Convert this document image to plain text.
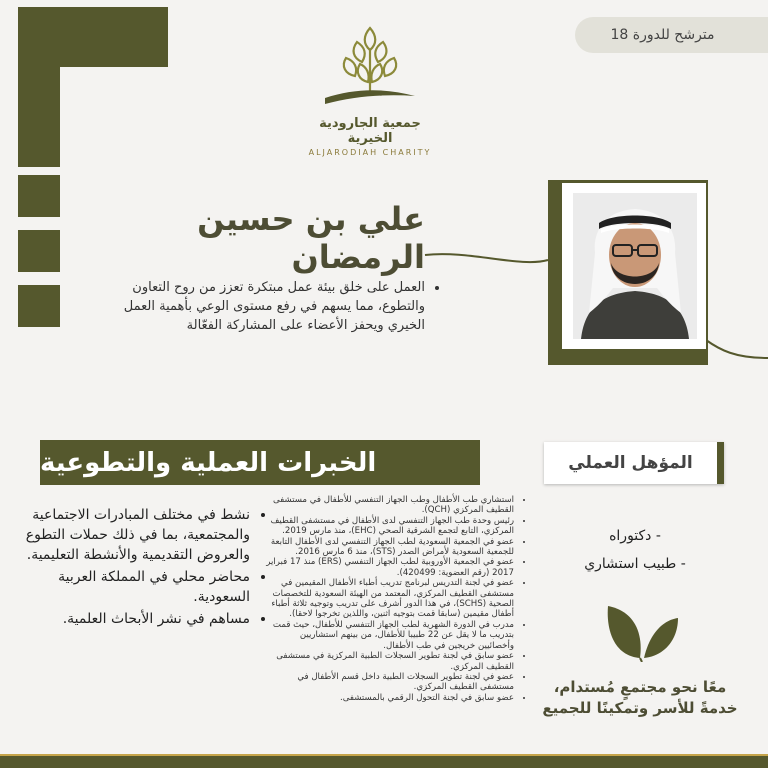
مترشح للدورة 18
جمعية الجارودية الخيرية
ALJARODIAH CHARITY
علي بن حسين الرمضان
• العمل على خلق بيئة عمل مبتكرة تعزز من روح التعاون والتطوع، مما يسهم في رفع مستوى الوعي بأهمية العمل الخيري ويحفز الأعضاء على المشاركة الفعّالة
الخبرات العملية والتطوعية
• نشط في مختلف المبادرات الاجتماعية والمجتمعية، بما في ذلك حملات التطوع والعروض التقديمية والأنشطة التعليمية.
• محاضر محلي في المملكة العربية السعودية.
• مساهم في نشر الأبحاث العلمية.
• استشاري طب الأطفال وطب الجهاز التنفسي للأطفال في مستشفى القطيف المركزي (QCH).
• رئيس وحدة طب الجهاز التنفسي لدى الأطفال في مستشفى القطيف المركزي، التابع لتجمع الشرقية الصحي (EHC)، منذ مارس 2019.
• عضو في الجمعية السعودية لطب الجهاز التنفسي لدى الأطفال التابعة للجمعية السعودية لأمراض الصدر (STS)، منذ 6 مارس 2016.
• عضو في الجمعية الأوروبية لطب الجهاز التنفسي (ERS) منذ 17 فبراير 2017 (رقم العضوية: 420499).
• عضو في لجنة التدريس لبرنامج تدريب أطباء الأطفال المقيمين في مستشفى القطيف المركزي، المعتمد من الهيئة السعودية للتخصصات الصحية (SCHS)، في هذا الدور أشرف على تدريب وتوجيه ثلاثة أطباء أطفال مقيمين (سابقا قمت بتوجيه اثنين، واللذين تخرجوا لاحقا).
• مدرب في الدورة الشهرية لطب الجهاز التنفسي للأطفال، حيث قمت بتدريب ما لا يقل عن 22 طبيبا للأطفال، من بينهم استشاريين وأخصائيين خريجين في طب الأطفال.
• عضو سابق في لجنة تطوير السجلات الطبية المركزية في مستشفى القطيف المركزي.
• عضو في لجنة تطوير السجلات الطبية داخل قسم الأطفال في مستشفى القطيف المركزي.
• عضو سابق في لجنة التحول الرقمي بالمستشفى.
المؤهل العملي
- دكتوراه
- طبيب استشاري
معًا نحو مجتمعٍ مُستدام،
خدمةً للأسر وتمكينًا للجميع
